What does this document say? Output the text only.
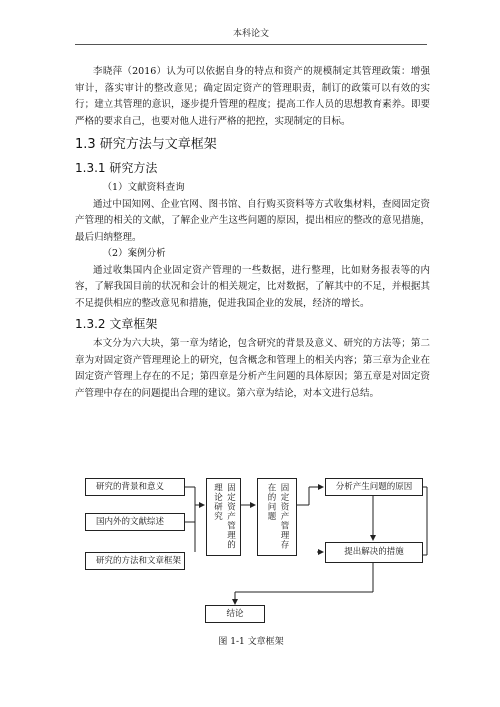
本科论文

李晓萍（2016）认为可以依据自身的特点和资产的规模制定其管理政策：增强审计，落实审计的整改意见；确定固定资产的管理职责，制订的政策可以有效的实行；建立其管理的意识，逐步提升管理的程度；提高工作人员的思想教育素养。即要严格的要求自己，也要对他人进行严格的把控，实现制定的目标。

1.3 研究方法与文章框架
1.3.1 研究方法

（1）文献资料查询

通过中国知网、企业官网、图书馆、自行购买资料等方式收集材料，查阅固定资产管理的相关的文献，了解企业产生这些问题的原因，提出相应的整改的意见措施，最后归纳整理。

（2）案例分析

通过收集国内企业固定资产管理的一些数据，进行整理，比如财务报表等的内容，了解我国目前的状况和会计的相关规定，比对数据，了解其中的不足，并根据其不足提供相应的整改意见和措施，促进我国企业的发展，经济的增长。

1.3.2 文章框架

本文分为六大块，第一章为绪论，包含研究的背景及意义、研究的方法等；第二章为对固定资产管理理论上的研究，包含概念和管理上的相关内容；第三章为企业在固定资产管理上存在的不足；第四章是分析产生问题的具体原因；第五章是对固定资产管理中存在的问题提出合理的建议。第六章为结论，对本文进行总结。

研究的背景和意义
国内外的文献综述
研究的方法和文章框架
理论研究 固定资产管理的	在的问题 固定资产管理存	分析产生问题的原因
提出解决的措施
结论
图 1-1 文章框架
